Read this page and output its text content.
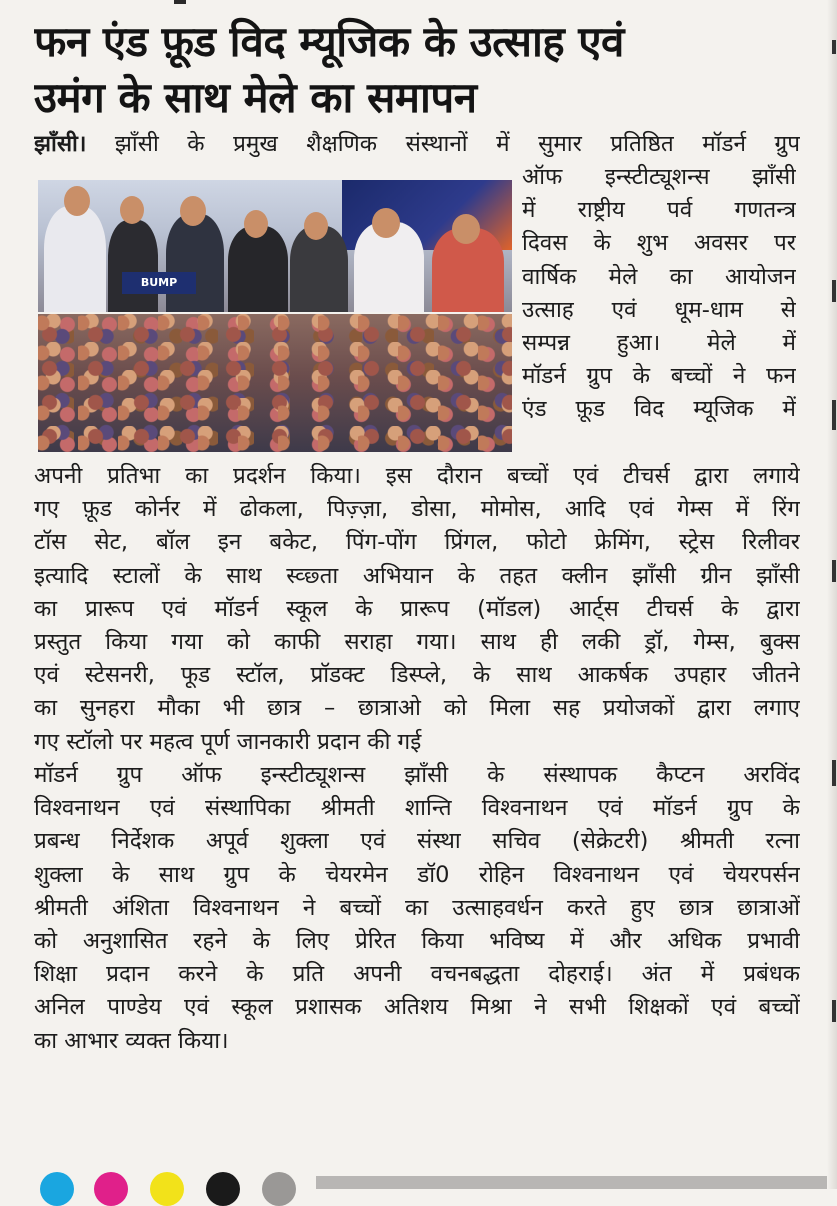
फन एंड फ़ूड विद म्यूजिक के उत्साह एवं
उमंग के साथ मेले का समापन
झाँसी। झाँसी के प्रमुख शैक्षणिक संस्थानों में सुमार प्रतिष्ठित मॉडर्न ग्रुप
BUMP
ऑफ इन्स्टीट्यूशन्स झाँसी
में राष्ट्रीय पर्व गणतन्त्र
दिवस के शुभ अवसर पर
वार्षिक मेले का आयोजन
उत्साह एवं धूम-धाम से
सम्पन्न हुआ। मेले में
मॉडर्न ग्रुप के बच्चों ने फन
एंड फ़ूड विद म्यूजिक में
अपनी प्रतिभा का प्रदर्शन किया। इस दौरान बच्चों एवं टीचर्स द्वारा लगाये
गए फ़ूड कोर्नर में ढोकला, पिज़्ज़ा, डोसा, मोमोस, आदि एवं गेम्स में रिंग
टॉस सेट, बॉल इन बकेट, पिंग-पोंग प्रिंगल, फोटो फ्रेमिंग, स्ट्रेस रिलीवर
इत्यादि स्टालों के साथ स्व्छ्ता अभियान के तहत क्लीन झाँसी ग्रीन झाँसी
का प्रारूप एवं मॉडर्न स्कूल के प्रारूप (मॉडल) आर्ट्स टीचर्स के द्वारा
प्रस्तुत किया गया को काफी सराहा गया। साथ ही लकी ड्रॉ, गेम्स, बुक्स
एवं स्टेसनरी, फूड स्टॉल, प्रॉडक्ट डिस्प्ले, के साथ आकर्षक उपहार जीतने
का सुनहरा मौका भी छात्र – छात्राओ को मिला सह प्रयोजकों द्वारा लगाए
गए स्टॉलो पर महत्व पूर्ण जानकारी प्रदान की गई
मॉडर्न ग्रुप ऑफ इन्स्टीट्यूशन्स झाँसी के संस्थापक कैप्टन अरविंद
विश्वनाथन एवं संस्थापिका श्रीमती शान्ति विश्वनाथन एवं मॉडर्न ग्रुप के
प्रबन्ध निर्देशक अपूर्व शुक्ला एवं संस्था सचिव (सेक्रेटरी) श्रीमती रत्ना
शुक्ला के साथ ग्रुप के चेयरमेन डॉ0 रोहिन विश्वनाथन एवं चेयरपर्सन
श्रीमती अंशिता विश्वनाथन ने बच्चों का उत्साहवर्धन करते हुए छात्र छात्राओं
को अनुशासित रहने के लिए प्रेरित किया भविष्य में और अधिक प्रभावी
शिक्षा प्रदान करने के प्रति अपनी वचनबद्धता दोहराई। अंत में प्रबंधक
अनिल पाण्डेय एवं स्कूल प्रशासक अतिशय मिश्रा ने सभी शिक्षकों एवं बच्चों
का आभार व्यक्त किया।
